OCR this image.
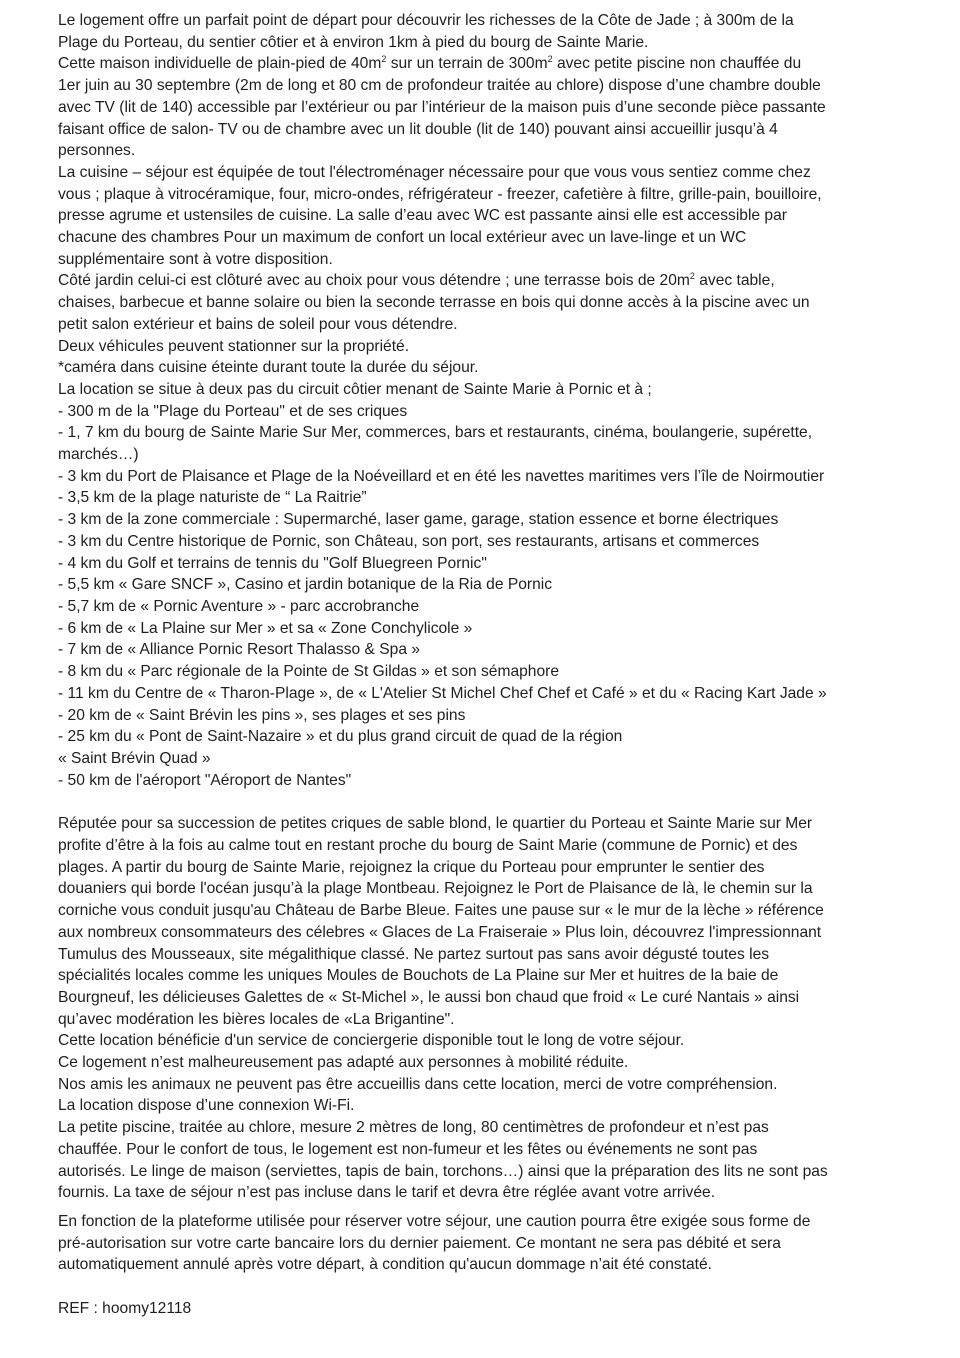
Le logement offre un parfait point de départ pour découvrir les richesses de la Côte de Jade ; à 300m de la

Plage du Porteau, du sentier côtier et à environ 1km à pied du bourg de Sainte Marie.

Cette maison individuelle de plain-pied de $40m^2$ sur un terrain de $300m^2$ avec petite piscine non chauffée du

1er juin au 30 septembre (2m de long et 80 cm de profondeur traitée au chlore) dispose d’une chambre double

avec TV (lit de 140) accessible par l’extérieur ou par l’intérieur de la maison puis d’une seconde pièce passante

faisant office de salon- TV ou de chambre avec un lit double (lit de 140) pouvant ainsi accueillir jusqu’à 4

personnes.

La cuisine – séjour est équipée de tout l'électroménager nécessaire pour que vous vous sentiez comme chez

vous ; plaque à vitrocéramique, four, micro-ondes, réfrigérateur - freezer, cafetière à filtre, grille-pain, bouilloire,

presse agrume et ustensiles de cuisine. La salle d’eau avec WC est passante ainsi elle est accessible par

chacune des chambres Pour un maximum de confort un local extérieur avec un lave-linge et un WC

supplémentaire sont à votre disposition.

Côté jardin celui-ci est clôturé avec au choix pour vous détendre ; une terrasse bois de $20m^2$ avec table,

chaises, barbecue et banne solaire ou bien la seconde terrasse en bois qui donne accès à la piscine avec un

petit salon extérieur et bains de soleil pour vous détendre.

Deux véhicules peuvent stationner sur la propriété.

*caméra dans cuisine éteinte durant toute la durée du séjour.

La location se situe à deux pas du circuit côtier menant de Sainte Marie à Pornic et à ;

- 300 m de la "Plage du Porteau" et de ses criques

- 1, 7 km du bourg de Sainte Marie Sur Mer, commerces, bars et restaurants, cinéma, boulangerie, supérette,

marchés…)

- 3 km du Port de Plaisance et Plage de la Noéveillard et en été les navettes maritimes vers l’île de Noirmoutier

- 3,5 km de la plage naturiste de “ La Raitrie”

- 3 km de la zone commerciale : Supermarché, laser game, garage, station essence et borne électriques

- 3 km du Centre historique de Pornic, son Château, son port, ses restaurants, artisans et commerces

- 4 km du Golf et terrains de tennis du "Golf Bluegreen Pornic"

- 5,5 km « Gare SNCF », Casino et jardin botanique de la Ria de Pornic

- 5,7 km de « Pornic Aventure » - parc accrobranche

- 6 km de « La Plaine sur Mer » et sa « Zone Conchylicole »

- 7 km de « Alliance Pornic Resort Thalasso & Spa »

- 8 km du « Parc régionale de la Pointe de St Gildas » et son sémaphore

- 11 km du Centre de « Tharon-Plage », de « L'Atelier St Michel Chef Chef et Café » et du « Racing Kart Jade »

- 20 km de « Saint Brévin les pins », ses plages et ses pins

- 25 km du « Pont de Saint-Nazaire » et du plus grand circuit de quad de la région

« Saint Brévin Quad »

- 50 km de l'aéroport "Aéroport de Nantes"

Réputée pour sa succession de petites criques de sable blond, le quartier du Porteau et Sainte Marie sur Mer

profite d’être à la fois au calme tout en restant proche du bourg de Saint Marie (commune de Pornic) et des

plages. A partir du bourg de Sainte Marie, rejoignez la crique du Porteau pour emprunter le sentier des

douaniers qui borde l'océan jusqu’à la plage Montbeau. Rejoignez le Port de Plaisance de là, le chemin sur la

corniche vous conduit jusqu'au Château de Barbe Bleue. Faites une pause sur « le mur de la lèche » référence

aux nombreux consommateurs des célebres « Glaces de La Fraiseraie » Plus loin, découvrez l'impressionnant

Tumulus des Mousseaux, site mégalithique classé. Ne partez surtout pas sans avoir dégusté toutes les

spécialités locales comme les uniques Moules de Bouchots de La Plaine sur Mer et huitres de la baie de

Bourgneuf, les délicieuses Galettes de « St-Michel », le aussi bon chaud que froid « Le curé Nantais » ainsi

qu’avec modération les bières locales de «La Brigantine".

Cette location bénéficie d'un service de conciergerie disponible tout le long de votre séjour.

Ce logement n’est malheureusement pas adapté aux personnes à mobilité réduite.

Nos amis les animaux ne peuvent pas être accueillis dans cette location, merci de votre compréhension.

La location dispose d’une connexion Wi-Fi.

La petite piscine, traitée au chlore, mesure 2 mètres de long, 80 centimètres de profondeur et n’est pas

chauffée. Pour le confort de tous, le logement est non-fumeur et les fêtes ou événements ne sont pas

autorisés. Le linge de maison (serviettes, tapis de bain, torchons…) ainsi que la préparation des lits ne sont pas

fournis. La taxe de séjour n’est pas incluse dans le tarif et devra être réglée avant votre arrivée.

En fonction de la plateforme utilisée pour réserver votre séjour, une caution pourra être exigée sous forme de

pré-autorisation sur votre carte bancaire lors du dernier paiement. Ce montant ne sera pas débité et sera

automatiquement annulé après votre départ, à condition qu'aucun dommage n’ait été constaté.

REF : hoomy12118
